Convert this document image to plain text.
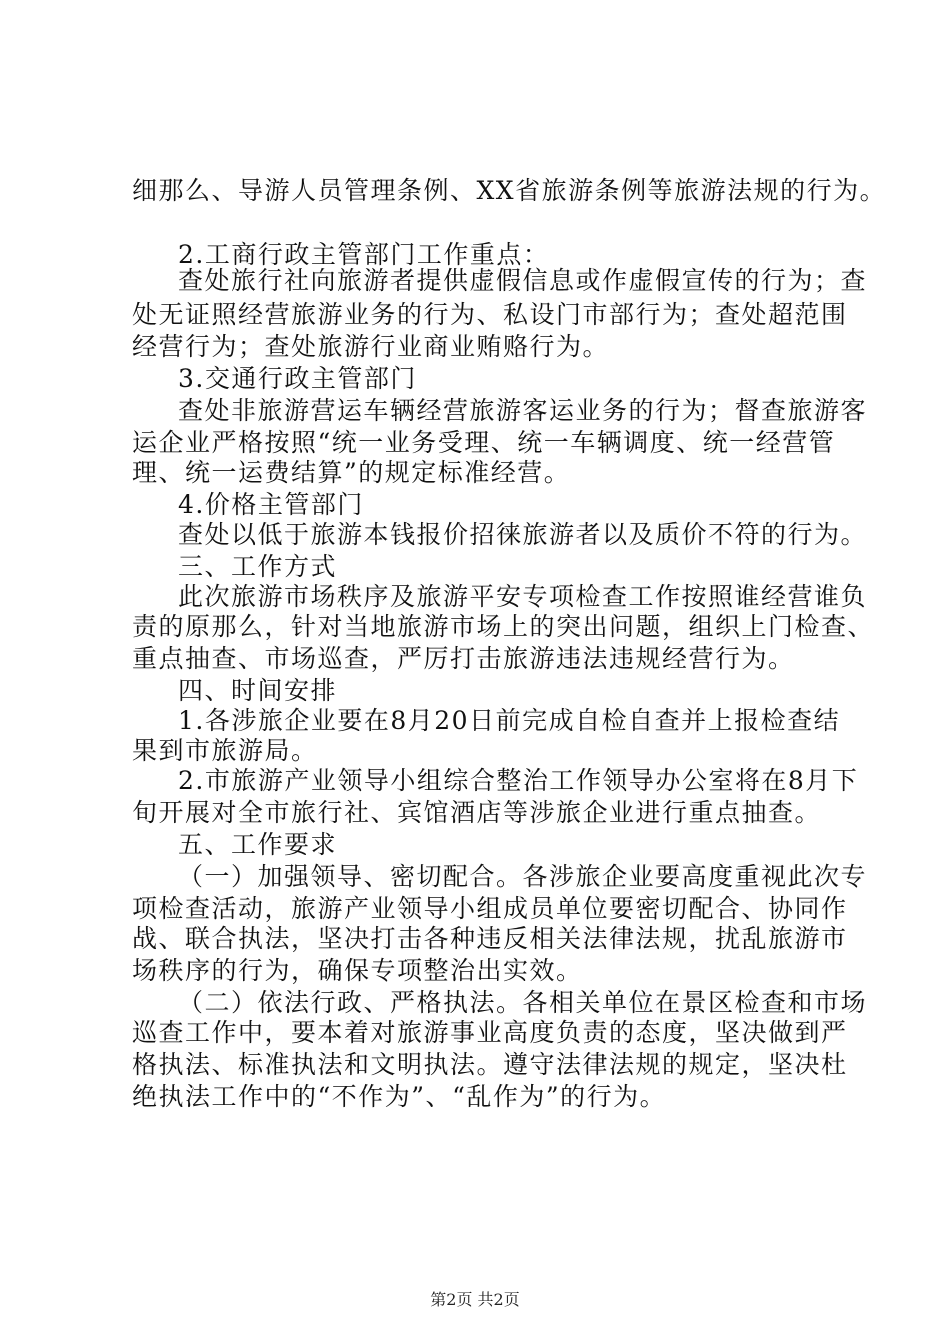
细那么、导游人员管理条例、XX省旅游条例等旅游法规的行为。
2.工商行政主管部门工作重点：
查处旅行社向旅游者提供虚假信息或作虚假宣传的行为；查
处无证照经营旅游业务的行为、私设门市部行为；查处超范围
经营行为；查处旅游行业商业贿赂行为。
3.交通行政主管部门
查处非旅游营运车辆经营旅游客运业务的行为；督查旅游客
运企业严格按照“统一业务受理、统一车辆调度、统一经营管
理、统一运费结算”的规定标准经营。
4.价格主管部门
查处以低于旅游本钱报价招徕旅游者以及质价不符的行为。
三、工作方式
此次旅游市场秩序及旅游平安专项检查工作按照谁经营谁负
责的原那么，针对当地旅游市场上的突出问题，组织上门检查、
重点抽查、市场巡查，严厉打击旅游违法违规经营行为。
四、时间安排
1.各涉旅企业要在8月20日前完成自检自查并上报检查结
果到市旅游局。
2.市旅游产业领导小组综合整治工作领导办公室将在8月下
旬开展对全市旅行社、宾馆酒店等涉旅企业进行重点抽查。
五、工作要求
（一）加强领导、密切配合。各涉旅企业要高度重视此次专
项检查活动，旅游产业领导小组成员单位要密切配合、协同作
战、联合执法，坚决打击各种违反相关法律法规，扰乱旅游市
场秩序的行为，确保专项整治出实效。
（二）依法行政、严格执法。各相关单位在景区检查和市场
巡查工作中，要本着对旅游事业高度负责的态度，坚决做到严
格执法、标准执法和文明执法。遵守法律法规的规定，坚决杜
绝执法工作中的“不作为”、“乱作为”的行为。
第2页 共2页
